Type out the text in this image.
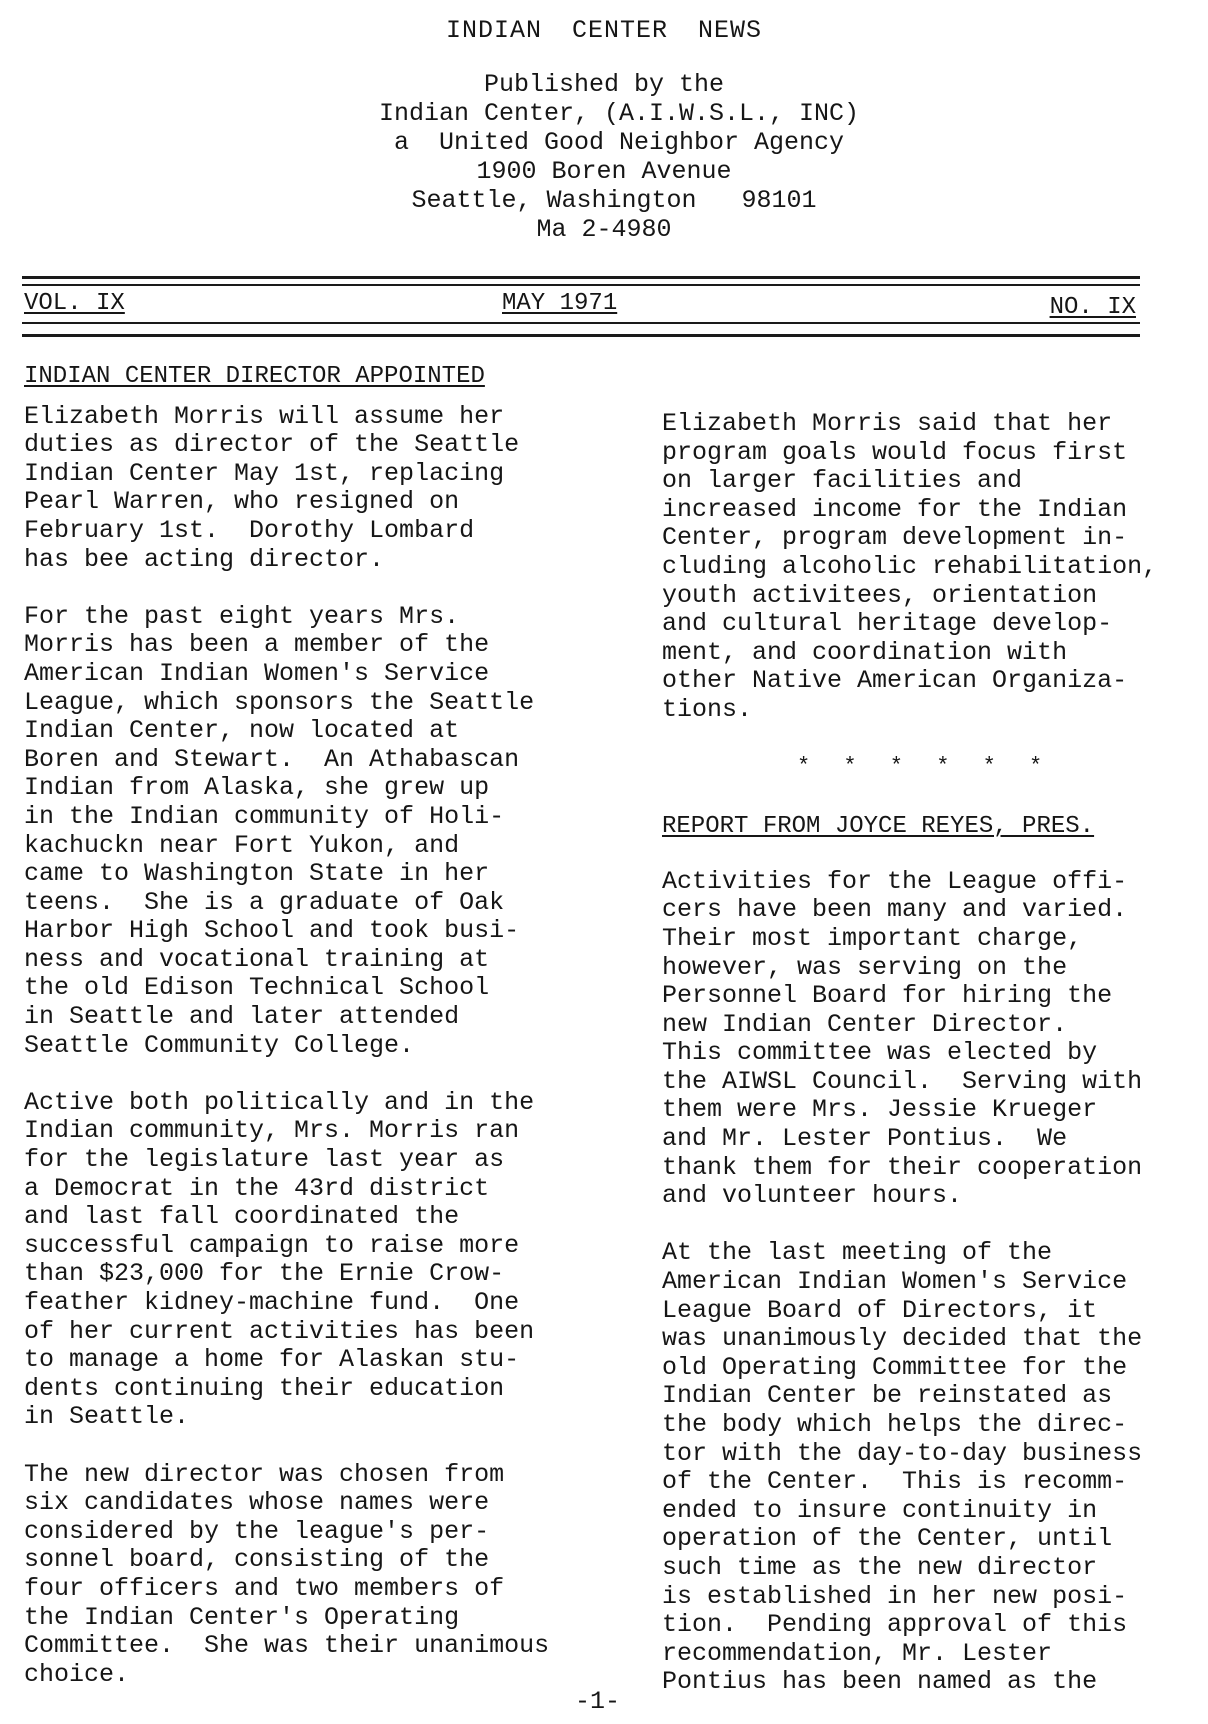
INDIAN CENTER NEWS
Published by the
Indian Center, (A.I.W.S.L., INC)
a  United Good Neighbor Agency
1900 Boren Avenue
Seattle, Washington   98101
Ma 2-4980
VOL. IX	MAY 1971	NO. IX
INDIAN CENTER DIRECTOR APPOINTED
Elizabeth Morris will assume her
duties as director of the Seattle
Indian Center May 1st, replacing
Pearl Warren, who resigned on
February 1st.  Dorothy Lombard
has bee acting director.
For the past eight years Mrs.
Morris has been a member of the
American Indian Women's Service
League, which sponsors the Seattle
Indian Center, now located at
Boren and Stewart.  An Athabascan
Indian from Alaska, she grew up
in the Indian community of Holi-
kachuckn near Fort Yukon, and
came to Washington State in her
teens.  She is a graduate of Oak
Harbor High School and took busi-
ness and vocational training at
the old Edison Technical School
in Seattle and later attended
Seattle Community College.
Active both politically and in the
Indian community, Mrs. Morris ran
for the legislature last year as
a Democrat in the 43rd district
and last fall coordinated the
successful campaign to raise more
than $23,000 for the Ernie Crow-
feather kidney-machine fund.  One
of her current activities has been
to manage a home for Alaskan stu-
dents continuing their education
in Seattle.
The new director was chosen from
six candidates whose names were
considered by the league's per-
sonnel board, consisting of the
four officers and two members of
the Indian Center's Operating
Committee.  She was their unanimous
choice.
Elizabeth Morris said that her
program goals would focus first
on larger facilities and
increased income for the Indian
Center, program development in-
cluding alcoholic rehabilitation,
youth activitees, orientation
and cultural heritage develop-
ment, and coordination with
other Native American Organiza-
tions.
* * * * * *
REPORT FROM JOYCE REYES, PRES.
Activities for the League offi-
cers have been many and varied.
Their most important charge,
however, was serving on the
Personnel Board for hiring the
new Indian Center Director.
This committee was elected by
the AIWSL Council.  Serving with
them were Mrs. Jessie Krueger
and Mr. Lester Pontius.  We
thank them for their cooperation
and volunteer hours.
At the last meeting of the
American Indian Women's Service
League Board of Directors, it
was unanimously decided that the
old Operating Committee for the
Indian Center be reinstated as
the body which helps the direc-
tor with the day-to-day business
of the Center.  This is recomm-
ended to insure continuity in
operation of the Center, until
such time as the new director
is established in her new posi-
tion.  Pending approval of this
recommendation, Mr. Lester
Pontius has been named as the
-1-
